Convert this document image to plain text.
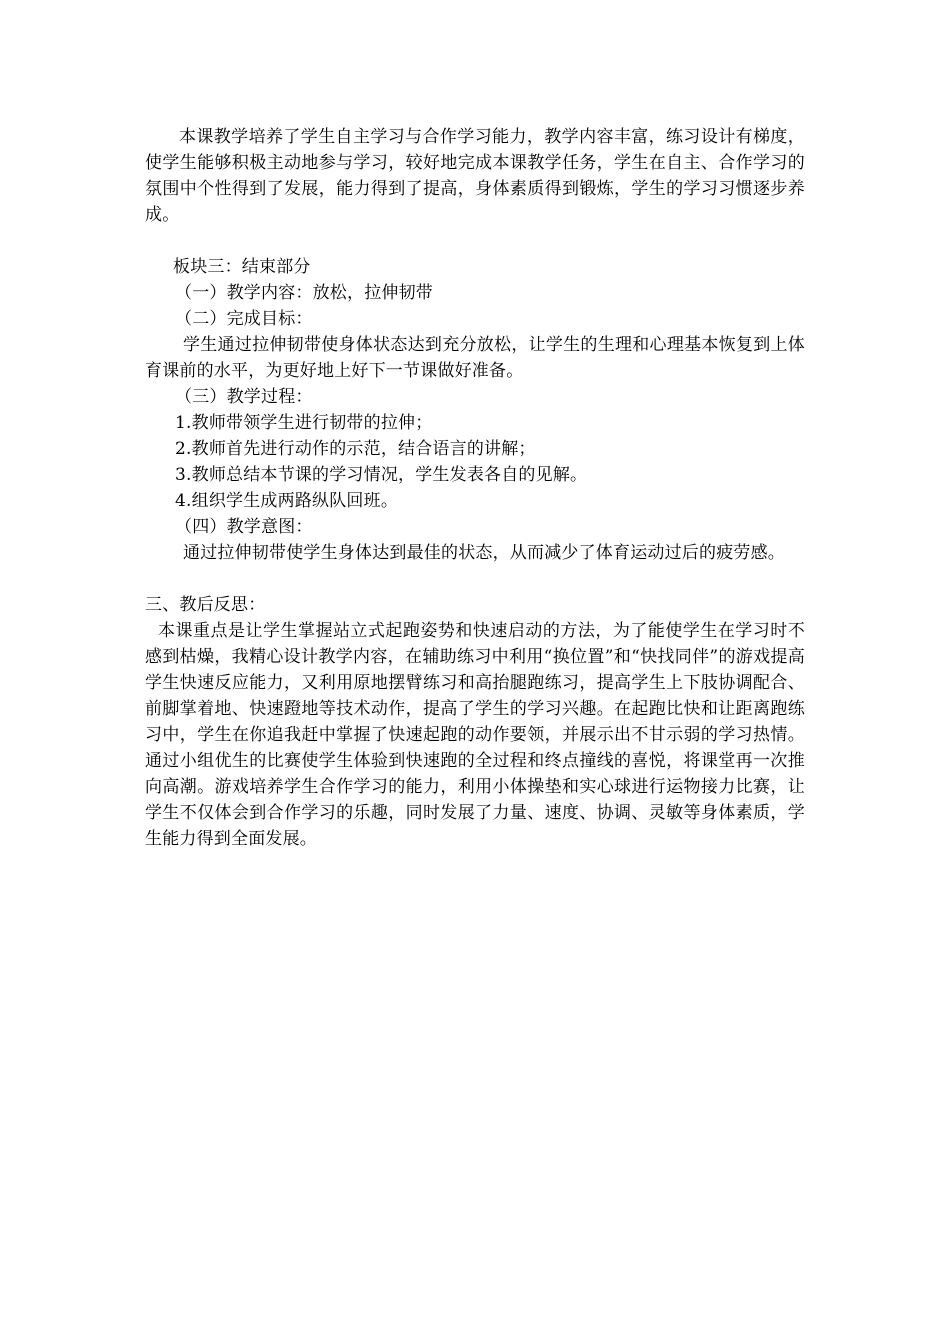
本课教学培养了学生自主学习与合作学习能力，教学内容丰富，练习设计有梯度，使学生能够积极主动地参与学习，较好地完成本课教学任务，学生在自主、合作学习的氛围中个性得到了发展，能力得到了提高，身体素质得到锻炼，学生的学习习惯逐步养成。

板块三：结束部分

（一）教学内容：放松，拉伸韧带

（二）完成目标：

学生通过拉伸韧带使身体状态达到充分放松，让学生的生理和心理基本恢复到上体育课前的水平，为更好地上好下一节课做好准备。

（三）教学过程：

1.教师带领学生进行韧带的拉伸；

2.教师首先进行动作的示范，结合语言的讲解；

3.教师总结本节课的学习情况，学生发表各自的见解。

4.组织学生成两路纵队回班。

（四）教学意图：

通过拉伸韧带使学生身体达到最佳的状态，从而减少了体育运动过后的疲劳感。

三、教后反思：

本课重点是让学生掌握站立式起跑姿势和快速启动的方法，为了能使学生在学习时不感到枯燥，我精心设计教学内容，在辅助练习中利用“换位置”和“快找同伴”的游戏提高学生快速反应能力，又利用原地摆臂练习和高抬腿跑练习，提高学生上下肢协调配合、前脚掌着地、快速蹬地等技术动作，提高了学生的学习兴趣。在起跑比快和让距离跑练习中，学生在你追我赶中掌握了快速起跑的动作要领，并展示出不甘示弱的学习热情。通过小组优生的比赛使学生体验到快速跑的全过程和终点撞线的喜悦，将课堂再一次推向高潮。游戏培养学生合作学习的能力，利用小体操垫和实心球进行运物接力比赛，让学生不仅体会到合作学习的乐趣，同时发展了力量、速度、协调、灵敏等身体素质，学生能力得到全面发展。
